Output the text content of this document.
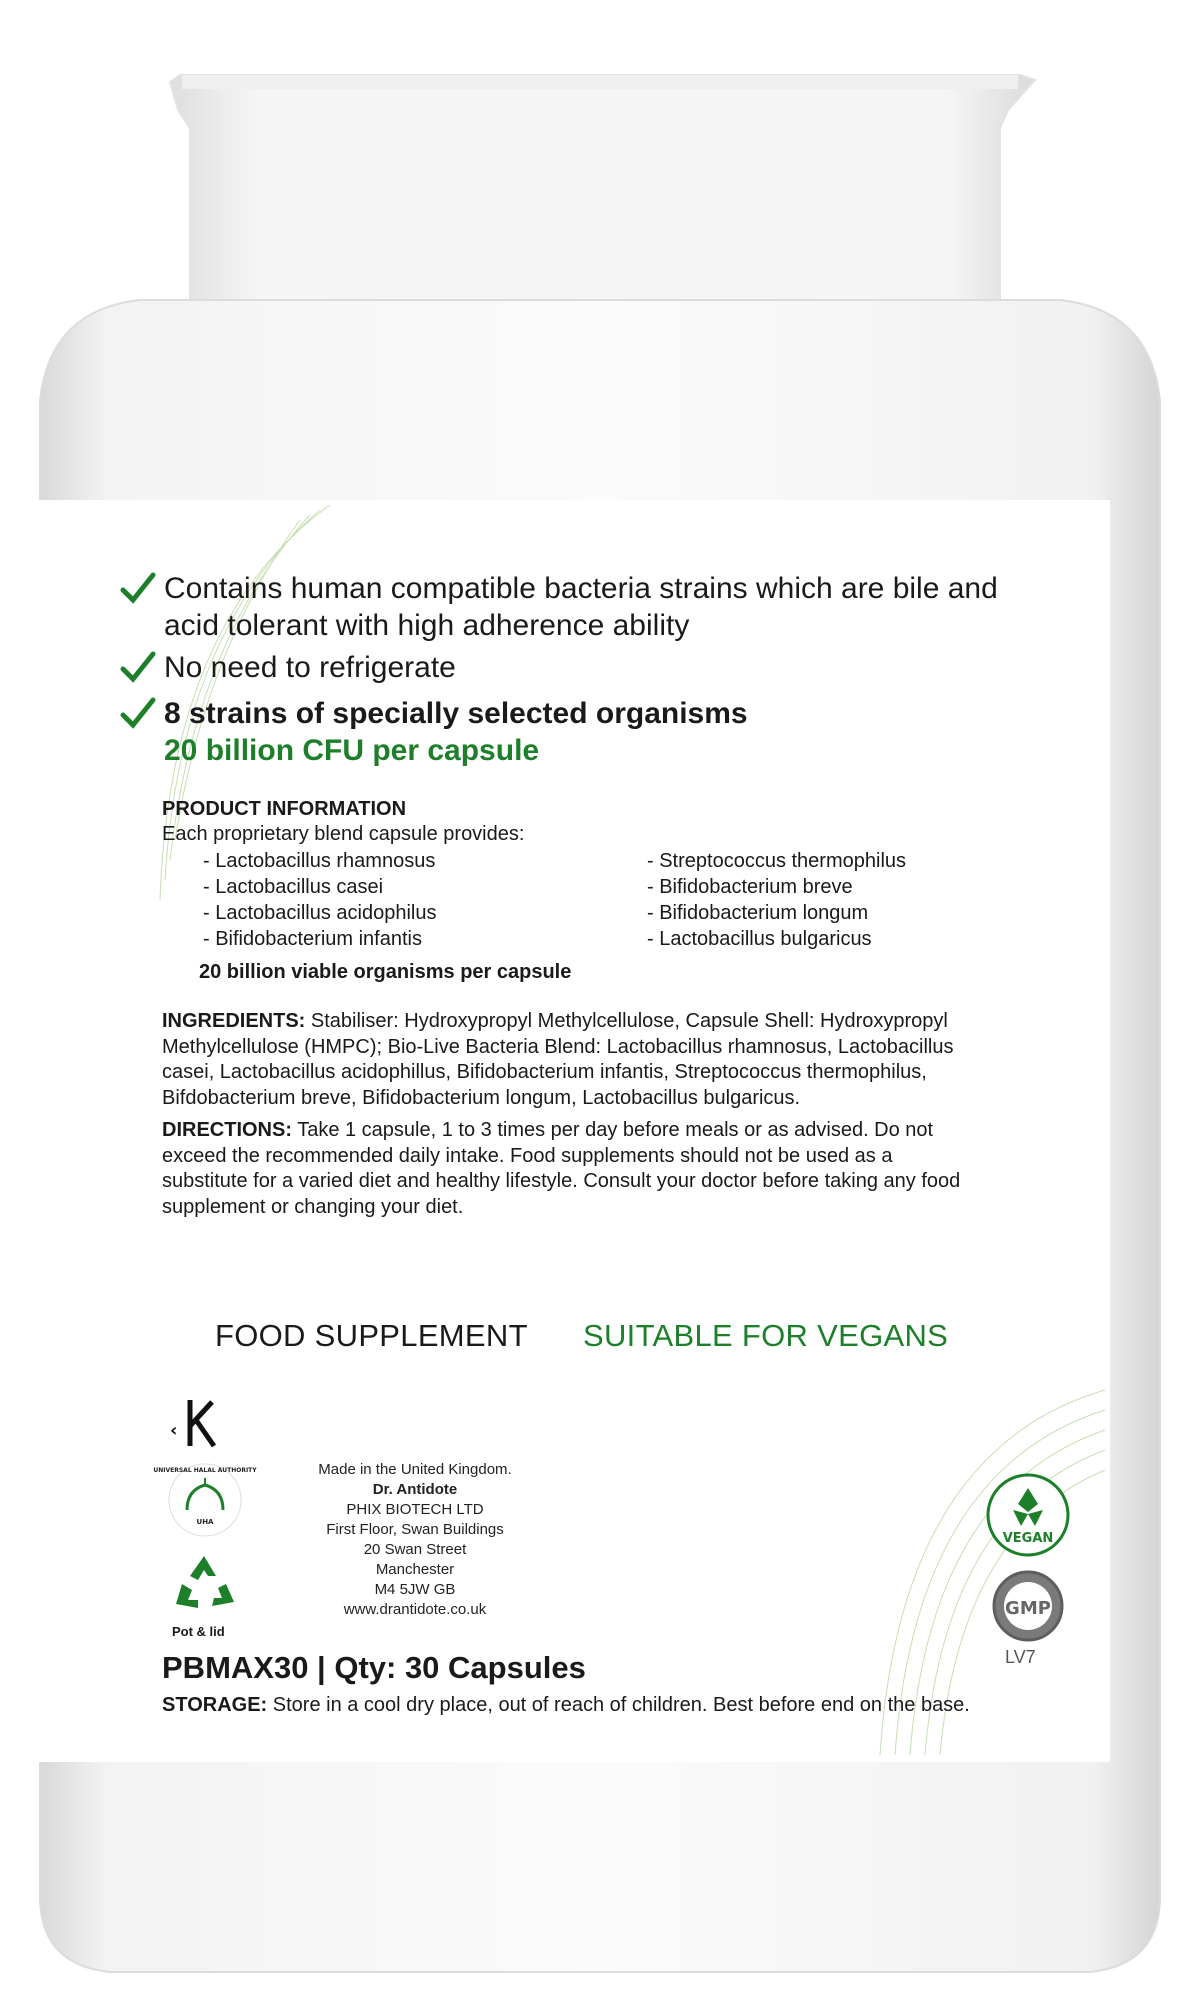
Contains human compatible bacteria strains which are bile and
acid tolerant with high adherence ability
No need to refrigerate
8 strains of specially selected organisms
20 billion CFU per capsule
PRODUCT INFORMATION
Each proprietary blend capsule provides:
- Lactobacillus rhamnosus
- Lactobacillus casei
- Lactobacillus acidophilus
- Bifidobacterium infantis
- Streptococcus thermophilus
- Bifidobacterium breve
- Bifidobacterium longum
- Lactobacillus bulgaricus
20 billion viable organisms per capsule
INGREDIENTS: Stabiliser: Hydroxypropyl Methylcellulose, Capsule Shell: Hydroxypropyl
Methylcellulose (HMPC); Bio-Live Bacteria Blend: Lactobacillus rhamnosus, Lactobacillus
casei, Lactobacillus acidophillus, Bifidobacterium infantis, Streptococcus thermophilus,
Bifdobacterium breve, Bifidobacterium longum, Lactobacillus bulgaricus.
DIRECTIONS: Take 1 capsule, 1 to 3 times per day before meals or as advised. Do not
exceed the recommended daily intake. Food supplements should not be used as a
substitute for a varied diet and healthy lifestyle. Consult your doctor before taking any food
supplement or changing your diet.
FOOD SUPPLEMENT SUITABLE FOR VEGANS
‹
UHA
UNIVERSAL HALAL AUTHORITY
Pot & lid
Made in the United Kingdom.
Dr. Antidote
PHIX BIOTECH LTD
First Floor, Swan Buildings
20 Swan Street
Manchester
M4 5JW GB
www.drantidote.co.uk
VEGAN
GMP
LV7
PBMAX30 | Qty: 30 Capsules
STORAGE: Store in a cool dry place, out of reach of children. Best before end on the base.
